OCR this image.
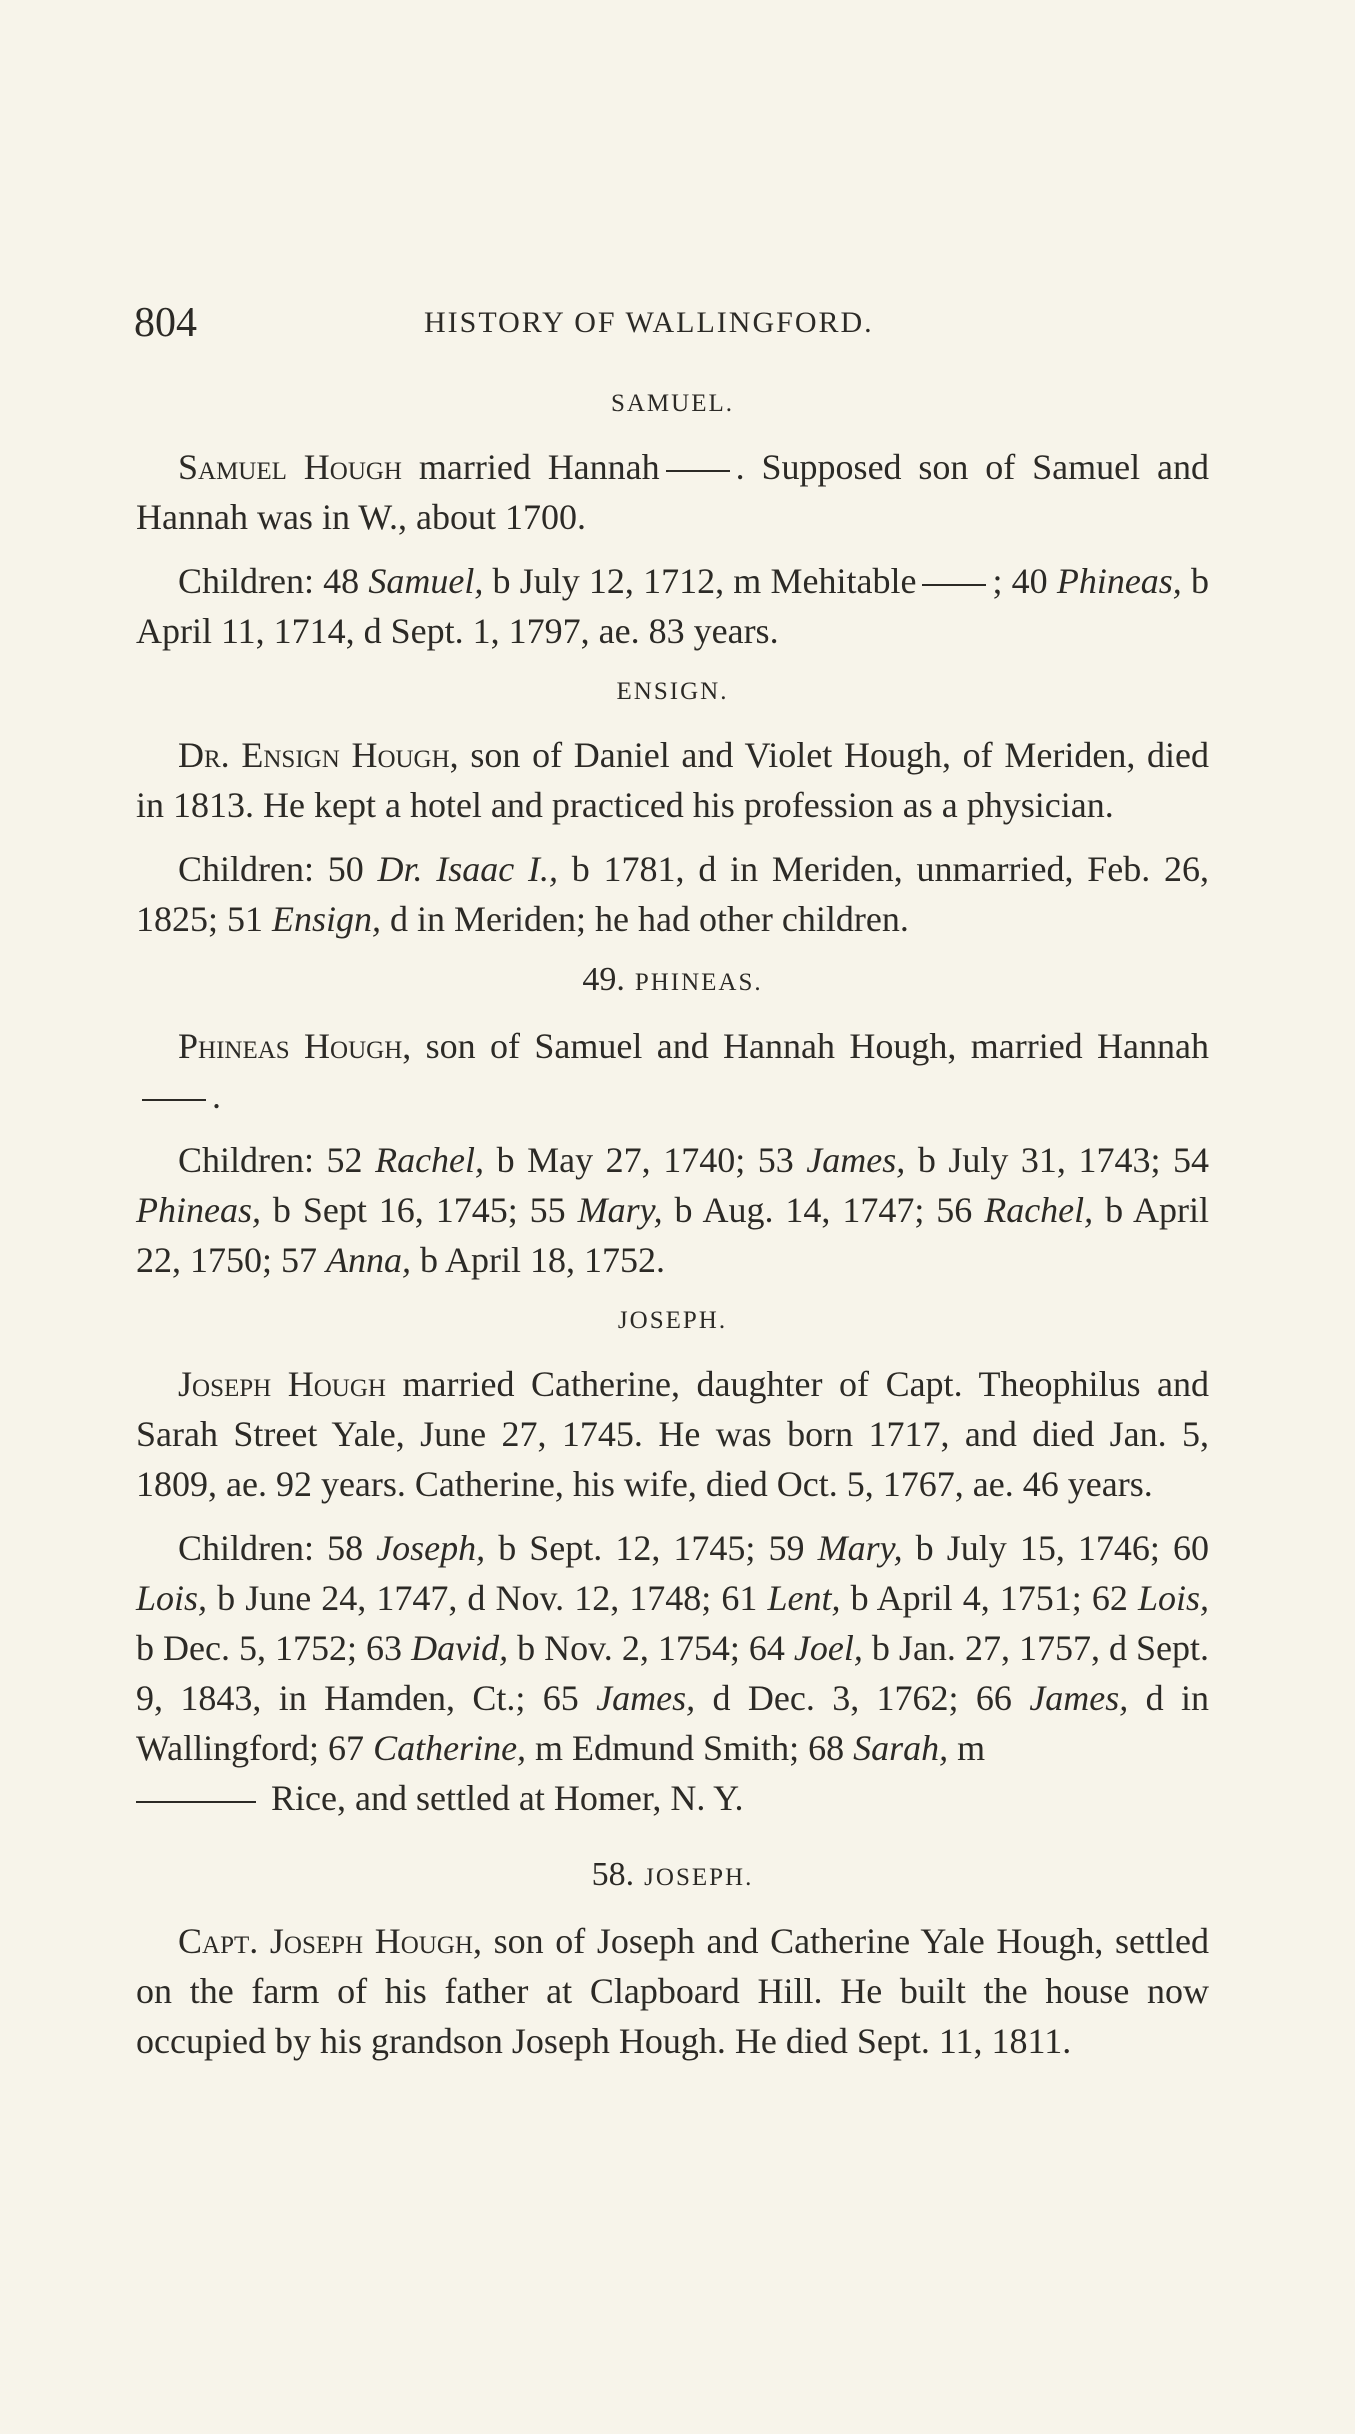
804	HISTORY OF WALLINGFORD.
SAMUEL.

Samuel Hough married Hannah . Supposed son of Samuel and Hannah was in W., about 1700.

Children: 48 Samuel, b July 12, 1712, m Mehitable ; 40 Phineas, b April 11, 1714, d Sept. 1, 1797, ae. 83 years.

ENSIGN.

Dr. Ensign Hough, son of Daniel and Violet Hough, of Meriden, died in 1813. He kept a hotel and practiced his profession as a physician.

Children: 50 Dr. Isaac I., b 1781, d in Meriden, unmarried, Feb. 26, 1825; 51 Ensign, d in Meriden; he had other children.

49. PHINEAS.

Phineas Hough, son of Samuel and Hannah Hough, married Hannah.

Children: 52 Rachel, b May 27, 1740; 53 James, b July 31, 1743; 54 Phineas, b Sept 16, 1745; 55 Mary, b Aug. 14, 1747; 56 Rachel, b April 22, 1750; 57 Anna, b April 18, 1752.

JOSEPH.

Joseph Hough married Catherine, daughter of Capt. Theophilus and Sarah Street Yale, June 27, 1745. He was born 1717, and died Jan. 5, 1809, ae. 92 years. Catherine, his wife, died Oct. 5, 1767, ae. 46 years.

Children: 58 Joseph, b Sept. 12, 1745; 59 Mary, b July 15, 1746; 60 Lois, b June 24, 1747, d Nov. 12, 1748; 61 Lent, b April 4, 1751; 62 Lois, b Dec. 5, 1752; 63 David, b Nov. 2, 1754; 64 Joel, b Jan. 27, 1757, d Sept. 9, 1843, in Hamden, Ct.; 65 James, d Dec. 3, 1762; 66 James, d in Wallingford; 67 Catherine, m Edmund Smith; 68 Sarah, m
Rice, and settled at Homer, N. Y.

58. JOSEPH.

Capt. Joseph Hough, son of Joseph and Catherine Yale Hough, settled on the farm of his father at Clapboard Hill. He built the house now occupied by his grandson Joseph Hough. He died Sept. 11, 1811.
